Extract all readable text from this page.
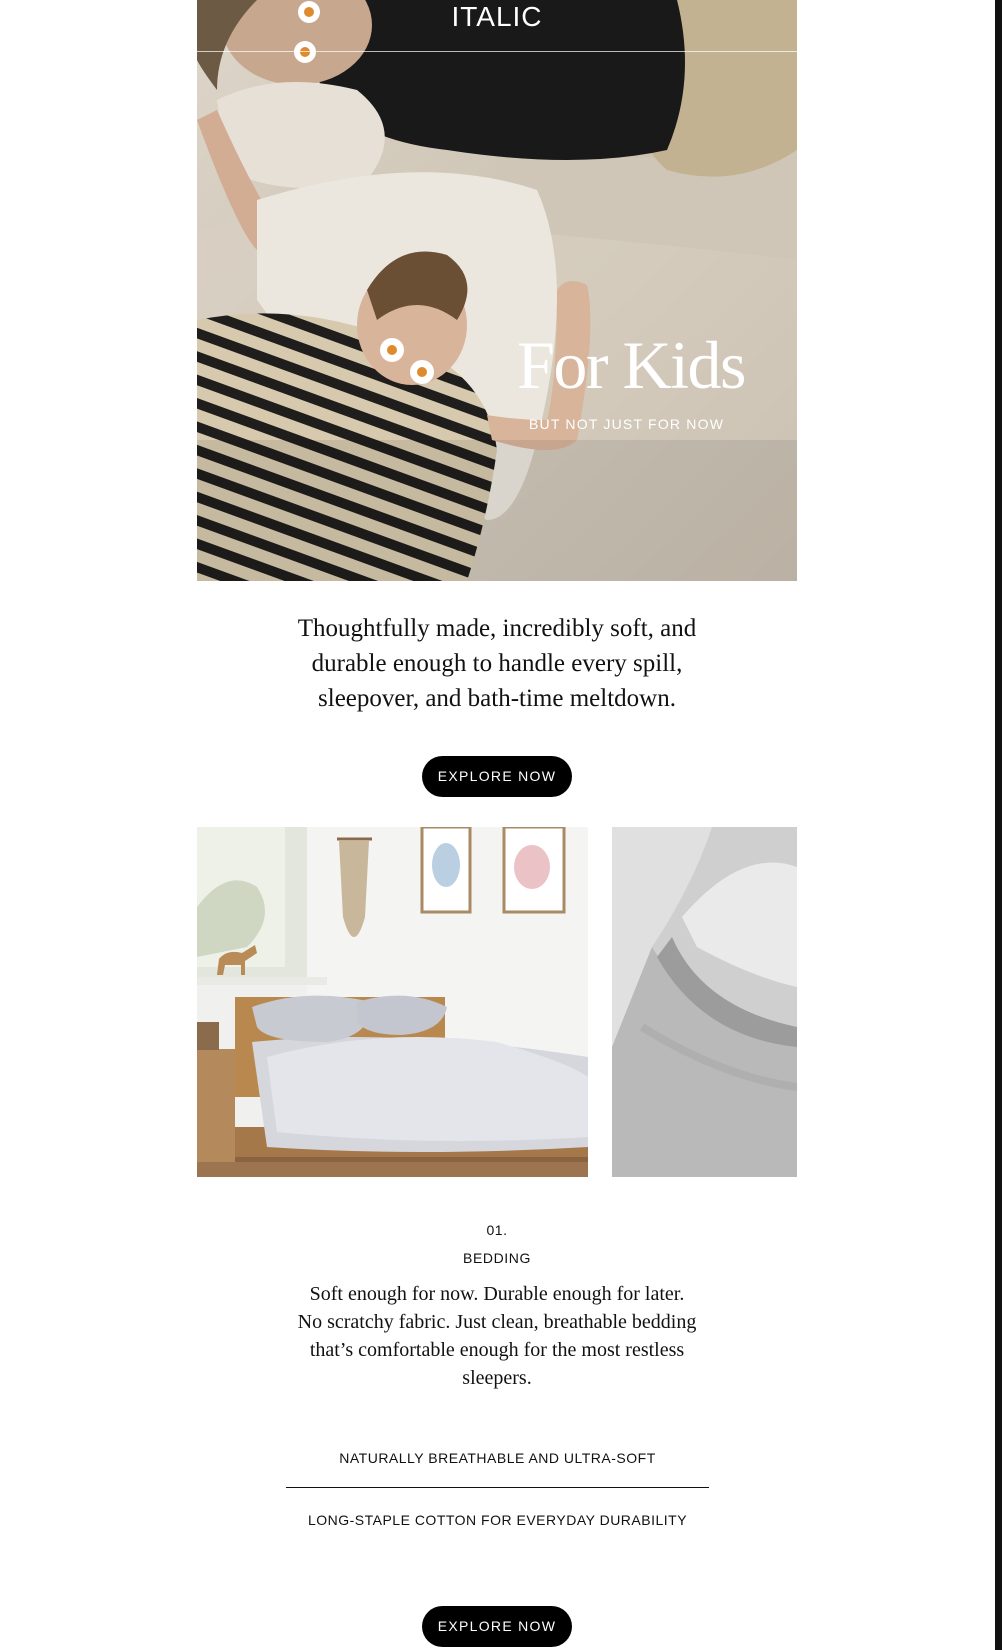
ITALIC
For Kids
BUT NOT JUST FOR NOW

Thoughtfully made, incredibly soft, and durable enough to handle every spill, sleepover, and bath-time meltdown.

EXPLORE NOW
01.
BEDDING
Soft enough for now. Durable enough for later. No scratchy fabric. Just clean, breathable bedding that’s comfortable enough for the most restless sleepers.
NATURALLY BREATHABLE AND ULTRA-SOFT
LONG-STAPLE COTTON FOR EVERYDAY DURABILITY
EXPLORE NOW
